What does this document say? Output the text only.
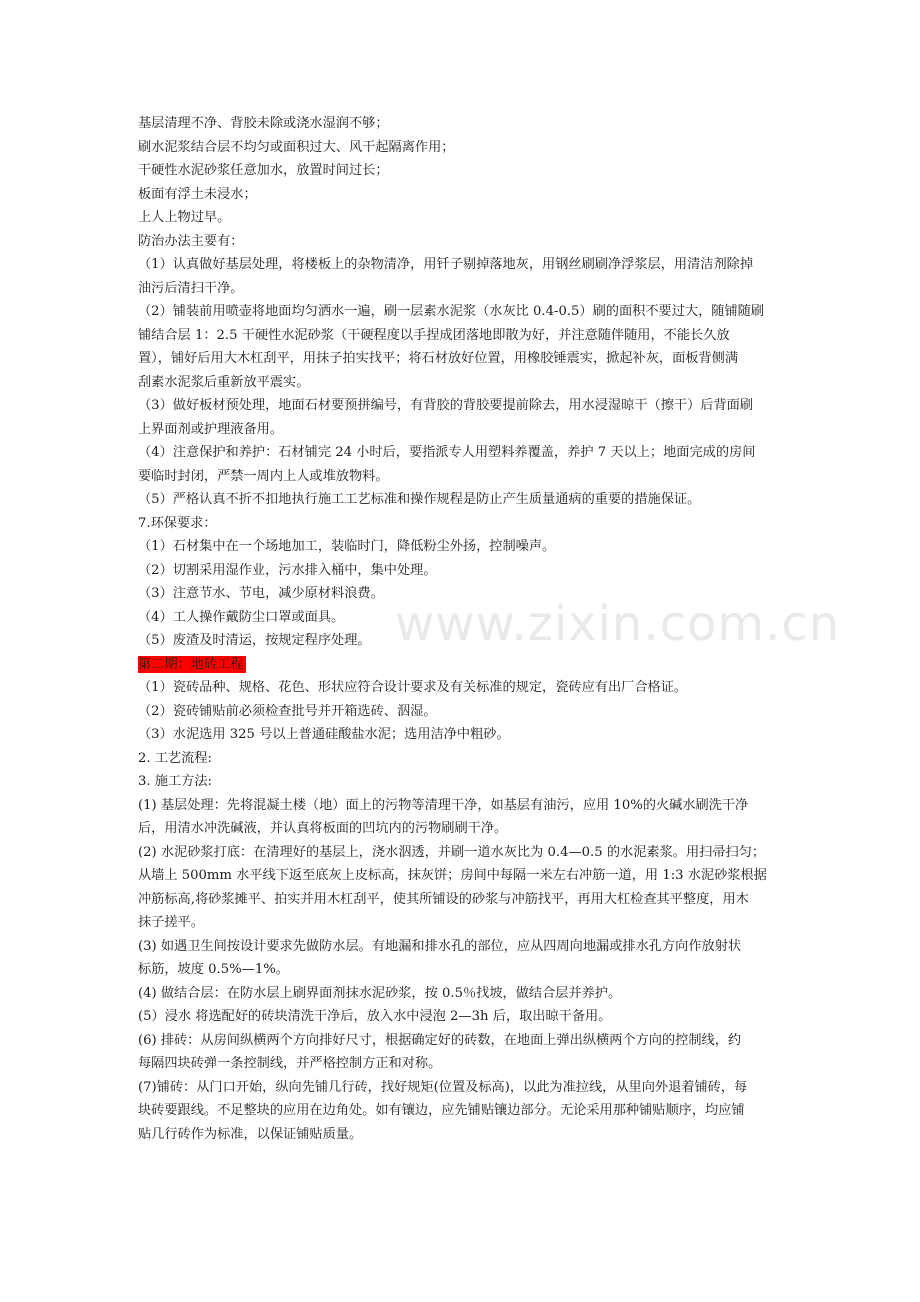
www.zixin.com.cn

基层清理不净、背胶未除或浇水湿润不够；

刷水泥浆结合层不均匀或面积过大、风干起隔离作用；

干硬性水泥砂浆任意加水，放置时间过长；

板面有浮土未浸水；

上人上物过早。

防治办法主要有：

（1）认真做好基层处理，将楼板上的杂物清净，用钎子剔掉落地灰，用钢丝刷刷净浮浆层，用清洁剂除掉

油污后清扫干净。

（2）铺装前用喷壶将地面均匀洒水一遍，刷一层素水泥浆（水灰比 0.4-0.5）刷的面积不要过大，随铺随刷

铺结合层 1：2.5 干硬性水泥砂浆（干硬程度以手捏成团落地即散为好，并注意随伴随用，不能长久放

置），铺好后用大木杠刮平，用抹子拍实找平；将石材放好位置，用橡胶锤震实，掀起补灰，面板背侧满

刮素水泥浆后重新放平震实。

（3）做好板材预处理，地面石材要预拼编号，有背胶的背胶要提前除去，用水浸湿晾干（擦干）后背面刷

上界面剂或护理液备用。

（4）注意保护和养护：石材铺完 24 小时后，要指派专人用塑料养覆盖，养护 7 天以上；地面完成的房间

要临时封闭，严禁一周内上人或堆放物料。

（5）严格认真不折不扣地执行施工工艺标准和操作规程是防止产生质量通病的重要的措施保证。

7.环保要求：

（1）石材集中在一个场地加工，装临时门，降低粉尘外扬，控制噪声。

（2）切割采用湿作业，污水排入桶中，集中处理。

（3）注意节水、节电，减少原材料浪费。

（4）工人操作戴防尘口罩或面具。

（5）废渣及时清运，按规定程序处理。

第二期：地砖工程

（1）瓷砖品种、规格、花色、形状应符合设计要求及有关标准的规定，瓷砖应有出厂合格证。

（2）瓷砖铺贴前必须检查批号并开箱选砖、泅湿。

（3）水泥选用 325 号以上普通硅酸盐水泥；选用洁净中粗砂。

2. 工艺流程:

3. 施工方法:

(1) 基层处理：先将混凝土楼（地）面上的污物等清理干净，如基层有油污，应用 10%的火碱水刷洗干净

后，用清水冲洗碱液，并认真将板面的凹坑内的污物刷刷干净。

(2) 水泥砂浆打底：在清理好的基层上，浇水泅透，并刷一道水灰比为 0.4—0.5 的水泥素浆。用扫帚扫匀；

从墙上 500mm 水平线下返至底灰上皮标高，抹灰饼；房间中每隔一米左右冲筋一道，用 1:3 水泥砂浆根据

冲筋标高,将砂浆摊平、拍实并用木杠刮平，使其所铺设的砂浆与冲筋找平，再用大杠检查其平整度，用木

抹子搓平。

(3) 如遇卫生间按设计要求先做防水层。有地漏和排水孔的部位，应从四周向地漏或排水孔方向作放射状

标筋，坡度 0.5%—1%。

(4) 做结合层：在防水层上刷界面剂抹水泥砂浆，按 0.5％找坡，做结合层并养护。

(5）浸水 将选配好的砖块清洗干净后，放入水中浸泡 2—3h 后，取出晾干备用。

(6) 排砖：从房间纵横两个方向排好尺寸，根据确定好的砖数，在地面上弹出纵横两个方向的控制线，约

每隔四块砖弹一条控制线，并严格控制方正和对称。

(7)铺砖：从门口开始，纵向先铺几行砖，找好规矩(位置及标高)，以此为准拉线，从里向外退着铺砖，每

块砖要跟线。不足整块的应用在边角处。如有镶边，应先铺贴镶边部分。无论采用那种铺贴顺序，均应铺

贴几行砖作为标准，以保证铺贴质量。
